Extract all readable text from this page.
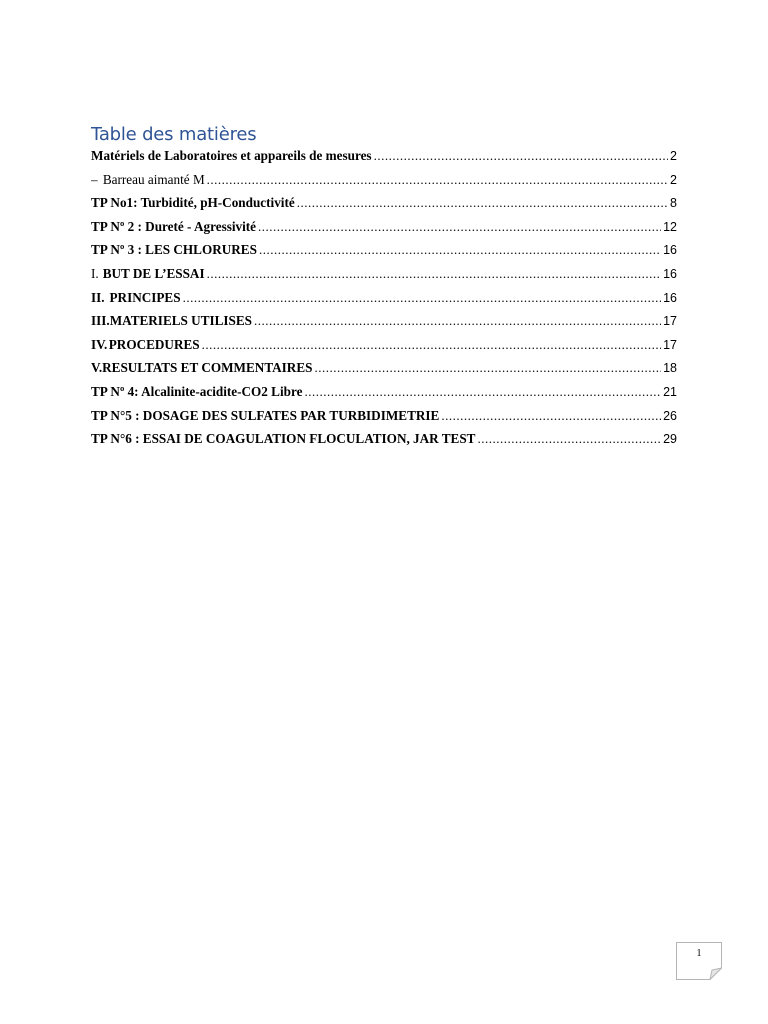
Table des matières
Matériels de Laboratoires et appareils de mesures .....	2
– Barreau aimanté M .....	2
TP No1: Turbidité, pH-Conductivité .....	8
TP Nº 2 : Dureté - Agressivité .....	12
TP Nº 3 : LES CHLORURES .....	16
I. BUT DE L’ESSAI .....	16
II. PRINCIPES .....	16
III. MATERIELS UTILISES .....	17
IV. PROCEDURES .....	17
V. RESULTATS ET COMMENTAIRES .....	18
TP Nº 4: Alcalinite-acidite-CO2 Libre .....	21
TP N°5 : DOSAGE DES SULFATES PAR TURBIDIMETRIE .....	26
TP N°6 : ESSAI DE COAGULATION FLOCULATION, JAR TEST .....	29
1
